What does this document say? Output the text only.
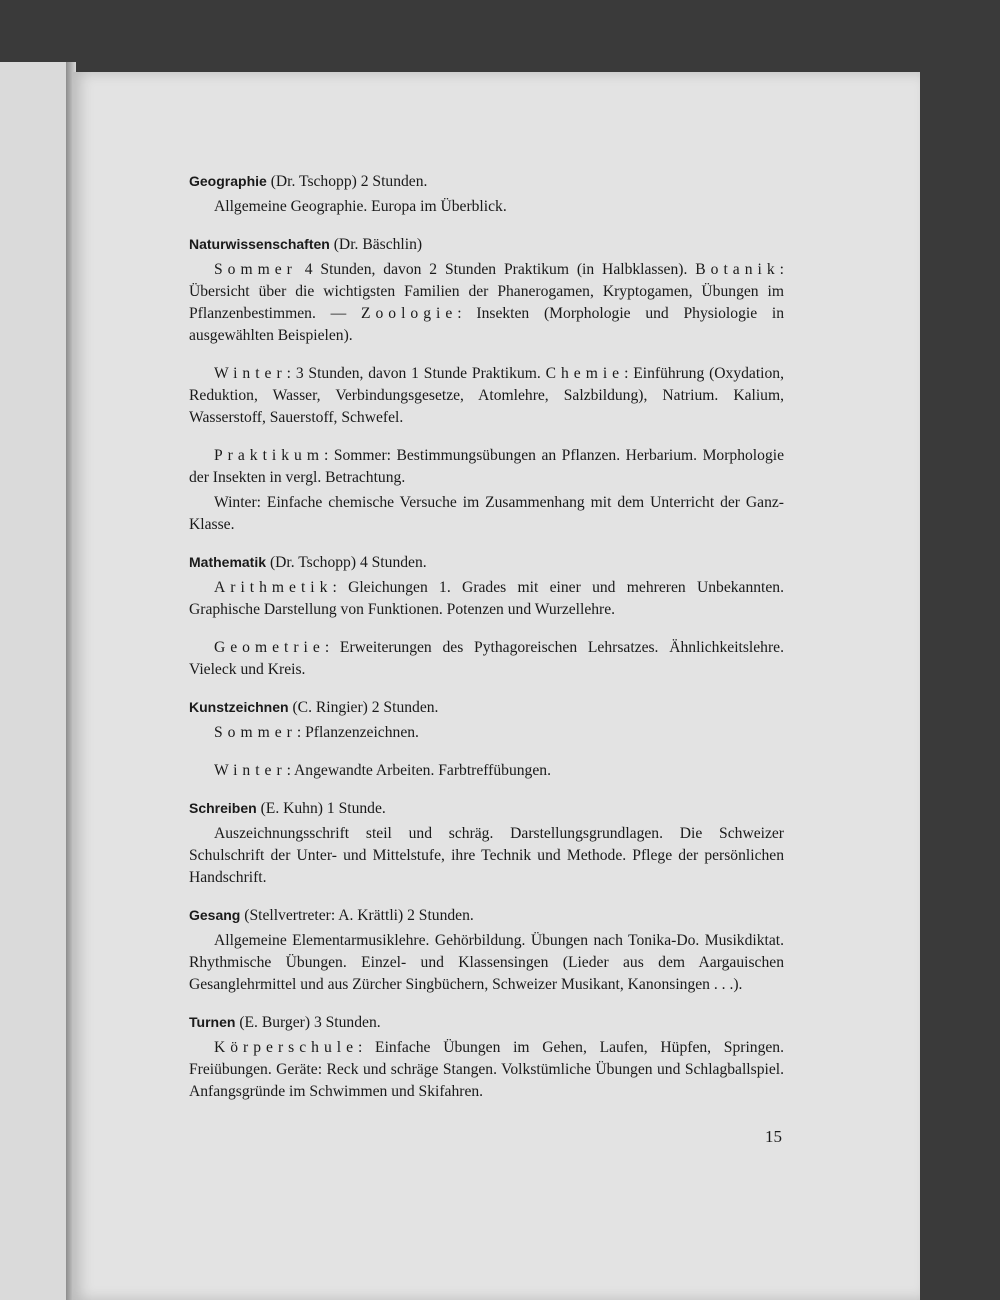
Geographie (Dr. Tschopp) 2 Stunden.

Allgemeine Geographie. Europa im Überblick.

Naturwissenschaften (Dr. Bäschlin)

Sommer 4 Stunden, davon 2 Stunden Praktikum (in Halbklassen). Botanik: Übersicht über die wichtigsten Familien der Phanerogamen, Kryptogamen, Übungen im Pflanzenbestimmen. — Zoologie: Insekten (Morphologie und Physiologie in ausgewählten Beispielen).

Winter: 3 Stunden, davon 1 Stunde Praktikum. Chemie: Einführung (Oxydation, Reduktion, Wasser, Verbindungsgesetze, Atomlehre, Salzbildung), Natrium. Kalium, Wasserstoff, Sauerstoff, Schwefel.

Praktikum: Sommer: Bestimmungsübungen an Pflanzen. Herbarium. Morphologie der Insekten in vergl. Betrachtung.

Winter: Einfache chemische Versuche im Zusammenhang mit dem Unterricht der Ganz-Klasse.

Mathematik (Dr. Tschopp) 4 Stunden.

Arithmetik: Gleichungen 1. Grades mit einer und mehreren Unbekannten. Graphische Darstellung von Funktionen. Potenzen und Wurzellehre.

Geometrie: Erweiterungen des Pythagoreischen Lehrsatzes. Ähnlichkeitslehre. Vieleck und Kreis.

Kunstzeichnen (C. Ringier) 2 Stunden.

Sommer: Pflanzenzeichnen.

Winter: Angewandte Arbeiten. Farbtreffübungen.

Schreiben (E. Kuhn) 1 Stunde.

Auszeichnungsschrift steil und schräg. Darstellungsgrundlagen. Die Schweizer Schulschrift der Unter- und Mittelstufe, ihre Technik und Methode. Pflege der persönlichen Handschrift.

Gesang (Stellvertreter: A. Krättli) 2 Stunden.

Allgemeine Elementarmusiklehre. Gehörbildung. Übungen nach Tonika-Do. Musikdiktat. Rhythmische Übungen. Einzel- und Klassensingen (Lieder aus dem Aargauischen Gesanglehrmittel und aus Zürcher Singbüchern, Schweizer Musikant, Kanonsingen . . .).

Turnen (E. Burger) 3 Stunden.

Körperschule: Einfache Übungen im Gehen, Laufen, Hüpfen, Springen. Freiübungen. Geräte: Reck und schräge Stangen. Volkstümliche Übungen und Schlagballspiel. Anfangsgründe im Schwimmen und Skifahren.

15
